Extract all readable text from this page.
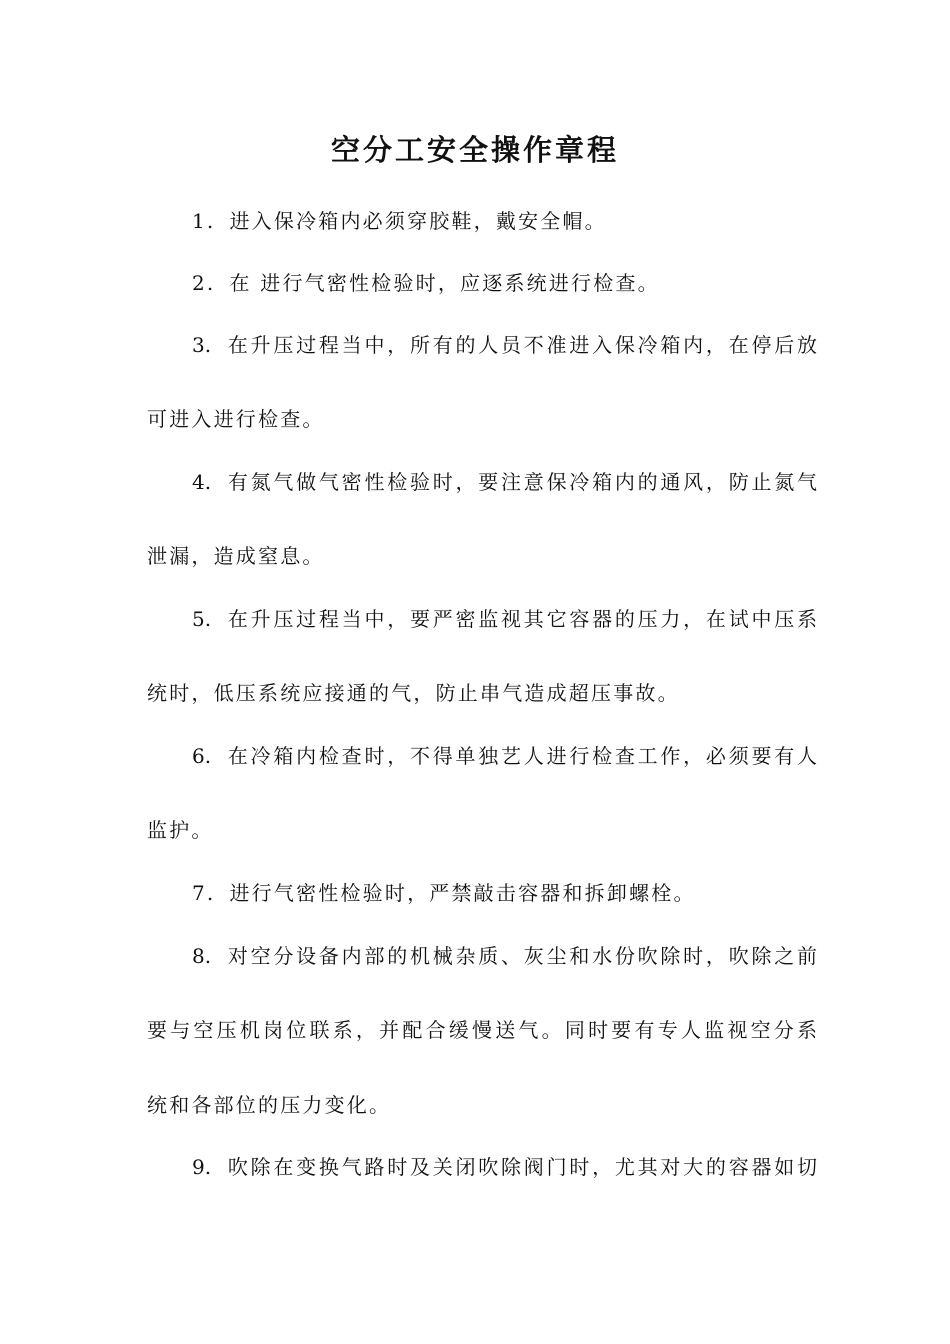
空分工安全操作章程
1. 进入保冷箱内必须穿胶鞋，戴安全帽。
2. 在 进行气密性检验时，应逐系统进行检查。
3. 在升压过程当中，所有的人员不准进入保冷箱内，在停后放
可进入进行检查。
4. 有氮气做气密性检验时，要注意保冷箱内的通风，防止氮气
泄漏，造成窒息。
5. 在升压过程当中，要严密监视其它容器的压力，在试中压系
统时，低压系统应接通的气，防止串气造成超压事故。
6. 在冷箱内检查时，不得单独艺人进行检查工作，必须要有人
监护。
7. 进行气密性检验时，严禁敲击容器和拆卸螺栓。
8. 对空分设备内部的机械杂质、灰尘和水份吹除时，吹除之前
要与空压机岗位联系，并配合缓慢送气。同时要有专人监视空分系
统和各部位的压力变化。
9. 吹除在变换气路时及关闭吹除阀门时，尤其对大的容器如切
